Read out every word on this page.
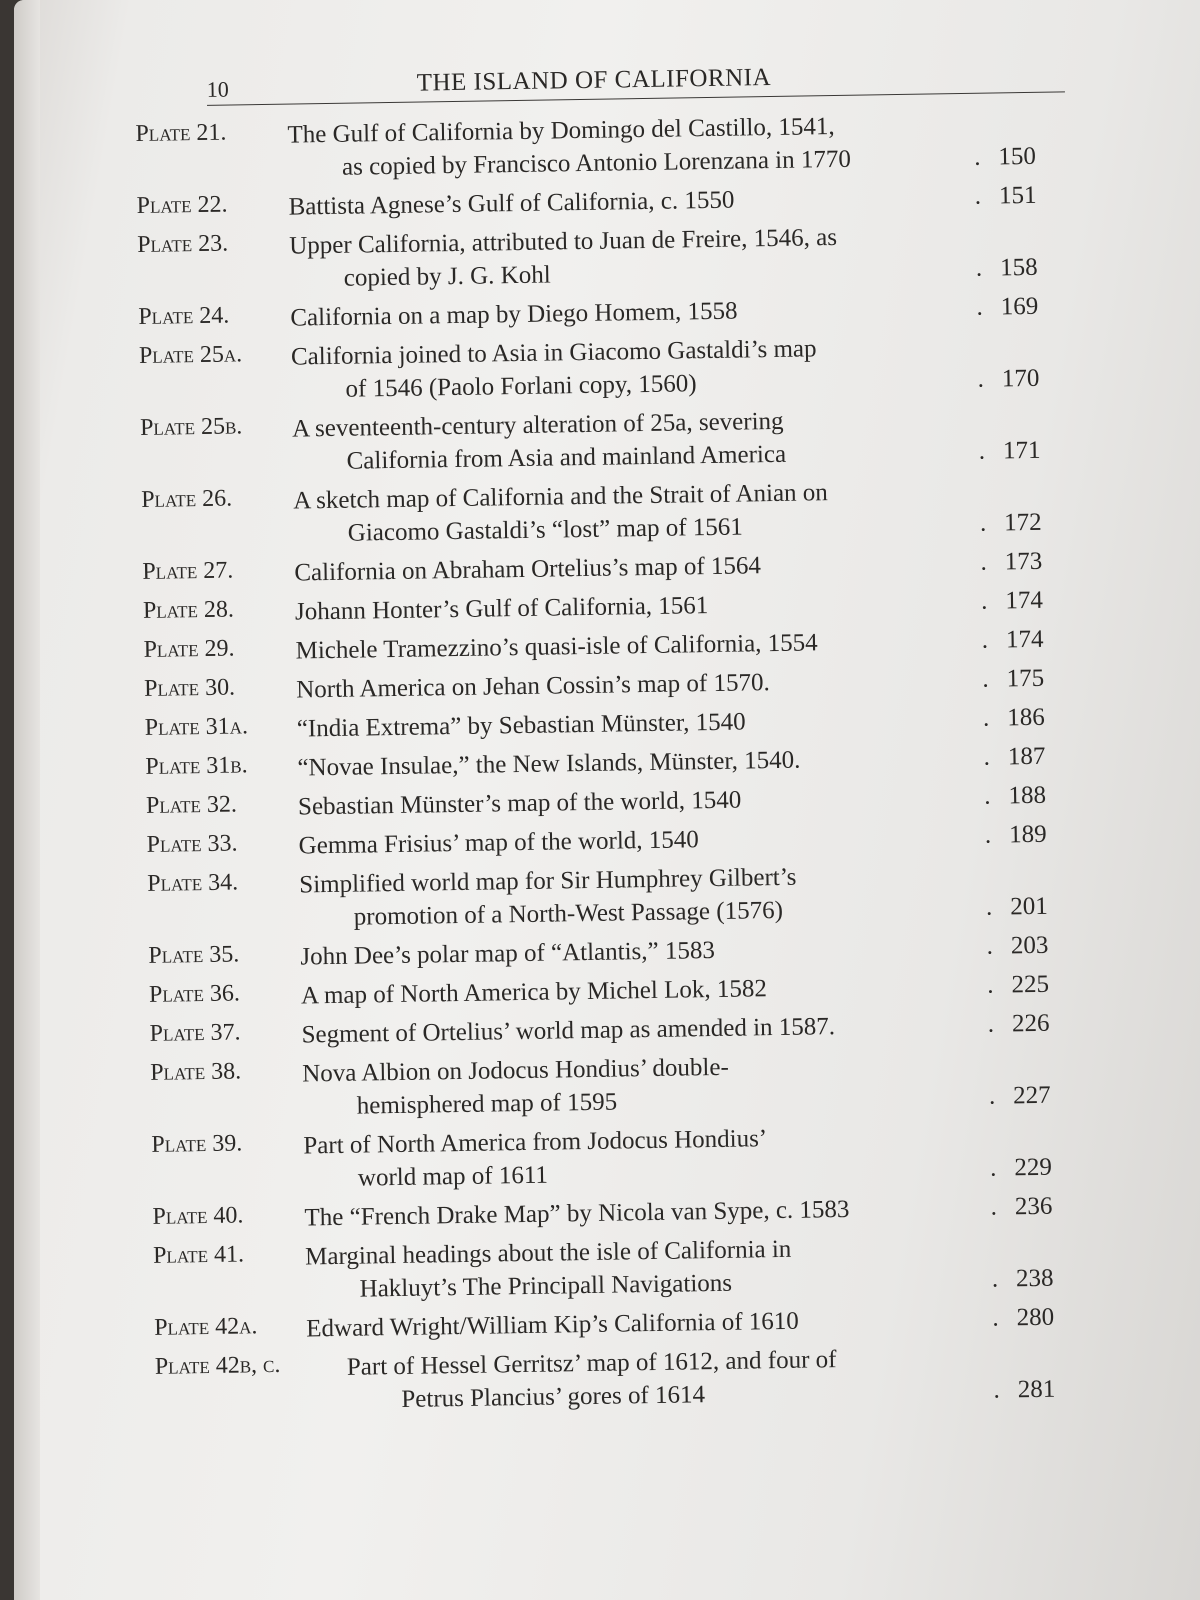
10	THE ISLAND OF CALIFORNIA
Plate 21.	The Gulf of California by Domingo del Castillo, 1541,
as copied by Francisco Antonio Lorenzana in 1770	. 150
Plate 22.	Battista Agnese’s Gulf of California, c. 1550	. 151
Plate 23.	Upper California, attributed to Juan de Freire, 1546, as
copied by J. G. Kohl	. 158
Plate 24.	California on a map by Diego Homem, 1558	. 169
Plate 25a.	California joined to Asia in Giacomo Gastaldi’s map
of 1546 (Paolo Forlani copy, 1560)	. 170
Plate 25b.	A seventeenth-century alteration of 25a, severing
California from Asia and mainland America	. 171
Plate 26.	A sketch map of California and the Strait of Anian on
Giacomo Gastaldi’s “lost” map of 1561	. 172
Plate 27.	California on Abraham Ortelius’s map of 1564	. 173
Plate 28.	Johann Honter’s Gulf of California, 1561	. 174
Plate 29.	Michele Tramezzino’s quasi-isle of California, 1554	. 174
Plate 30.	North America on Jehan Cossin’s map of 1570.	. 175
Plate 31a.	“India Extrema” by Sebastian Münster, 1540	. 186
Plate 31b.	“Novae Insulae,” the New Islands, Münster, 1540.	. 187
Plate 32.	Sebastian Münster’s map of the world, 1540	. 188
Plate 33.	Gemma Frisius’ map of the world, 1540	. 189
Plate 34.	Simplified world map for Sir Humphrey Gilbert’s
promotion of a North-West Passage (1576)	. 201
Plate 35.	John Dee’s polar map of “Atlantis,” 1583	. 203
Plate 36.	A map of North America by Michel Lok, 1582	. 225
Plate 37.	Segment of Ortelius’ world map as amended in 1587.	. 226
Plate 38.	Nova Albion on Jodocus Hondius’ double-
hemisphered map of 1595	. 227
Plate 39.	Part of North America from Jodocus Hondius’
world map of 1611	. 229
Plate 40.	The “French Drake Map” by Nicola van Sype, c. 1583	. 236
Plate 41.	Marginal headings about the isle of California in
Hakluyt’s The Principall Navigations	. 238
Plate 42a.	Edward Wright/William Kip’s California of 1610	. 280
Plate 42b, c.	Part of Hessel Gerritsz’ map of 1612, and four of
Petrus Plancius’ gores of 1614	. 281
